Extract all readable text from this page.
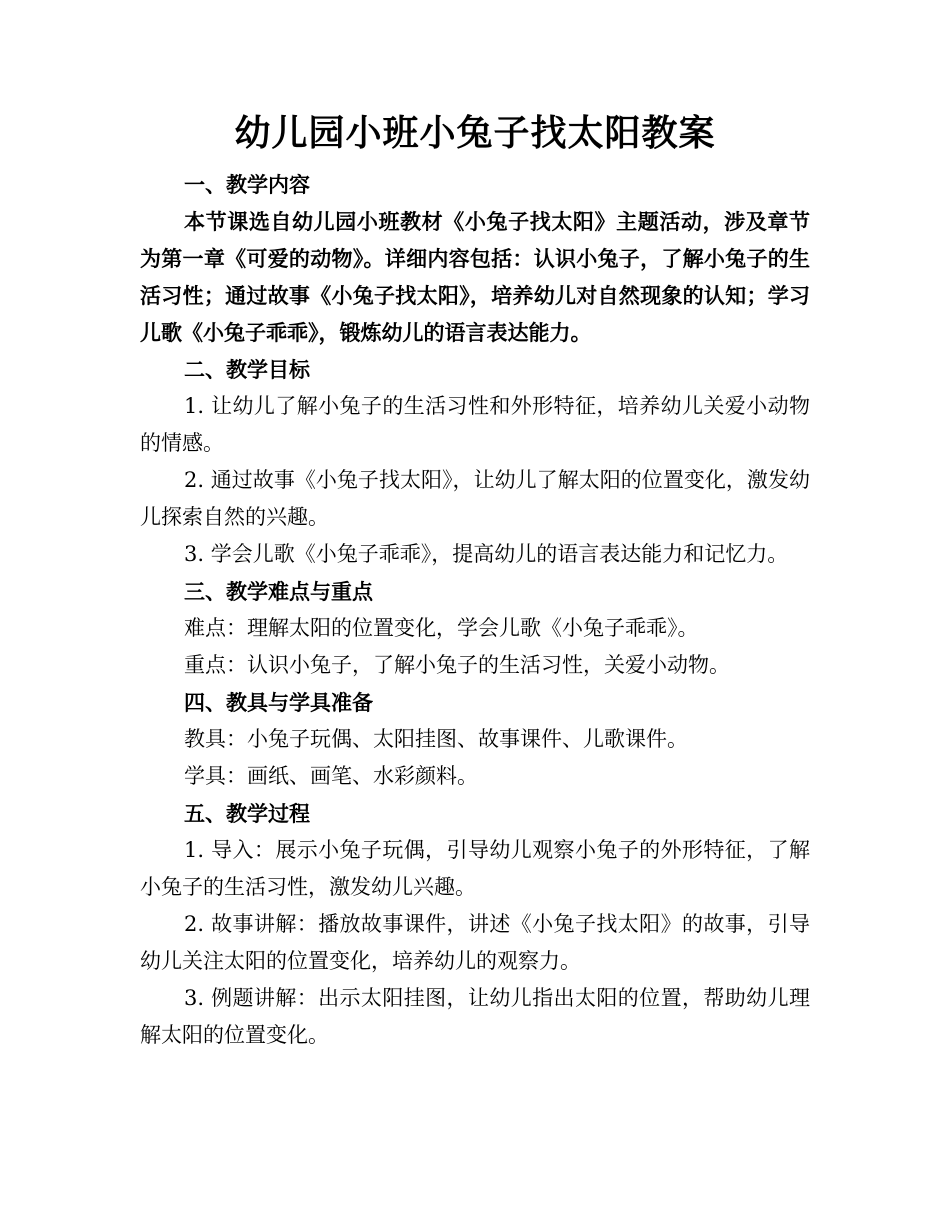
幼儿园小班小兔子找太阳教案

一、教学内容

本节课选自幼儿园小班教材《小兔子找太阳》主题活动，涉及章节为第一章《可爱的动物》。详细内容包括：认识小兔子，了解小兔子的生活习性；通过故事《小兔子找太阳》，培养幼儿对自然现象的认知；学习儿歌《小兔子乖乖》，锻炼幼儿的语言表达能力。

二、教学目标

1. 让幼儿了解小兔子的生活习性和外形特征，培养幼儿关爱小动物的情感。

2. 通过故事《小兔子找太阳》，让幼儿了解太阳的位置变化，激发幼儿探索自然的兴趣。

3. 学会儿歌《小兔子乖乖》，提高幼儿的语言表达能力和记忆力。

三、教学难点与重点

难点：理解太阳的位置变化，学会儿歌《小兔子乖乖》。

重点：认识小兔子，了解小兔子的生活习性，关爱小动物。

四、教具与学具准备

教具：小兔子玩偶、太阳挂图、故事课件、儿歌课件。

学具：画纸、画笔、水彩颜料。

五、教学过程

1. 导入：展示小兔子玩偶，引导幼儿观察小兔子的外形特征，了解小兔子的生活习性，激发幼儿兴趣。

2. 故事讲解：播放故事课件，讲述《小兔子找太阳》的故事，引导幼儿关注太阳的位置变化，培养幼儿的观察力。

3. 例题讲解：出示太阳挂图，让幼儿指出太阳的位置，帮助幼儿理解太阳的位置变化。
